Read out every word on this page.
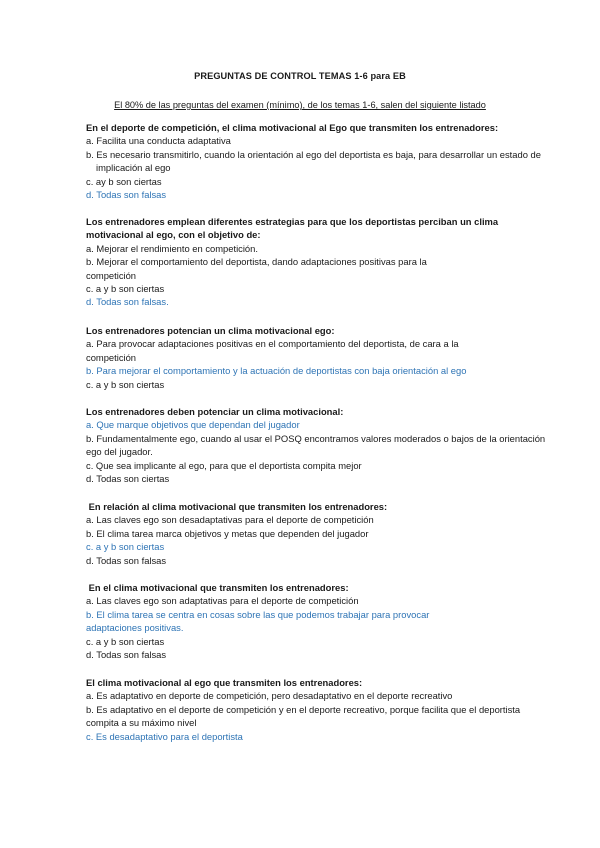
PREGUNTAS DE CONTROL TEMAS 1-6 para EB
El 80% de las preguntas del examen (mínimo), de los temas 1-6, salen del siguiente listado

En el deporte de competición, el clima motivacional al Ego que transmiten los entrenadores:

a. Facilita una conducta adaptativa

b. Es necesario transmitirlo, cuando la orientación al ego del deportista es baja, para desarrollar un estado de implicación al ego

c. ay b son ciertas

d. Todas son falsas

Los entrenadores emplean diferentes estrategias para que los deportistas perciban un clima motivacional al ego, con el objetivo de:

a. Mejorar el rendimiento en competición.

b. Mejorar el comportamiento del deportista, dando adaptaciones positivas para la competición

c. a y b son ciertas

d. Todas son falsas.

Los entrenadores potencian un clima motivacional ego:

a. Para provocar adaptaciones positivas en el comportamiento del deportista, de cara a la competición

b. Para mejorar el comportamiento y la actuación de deportistas con baja orientación al ego

c. a y b son ciertas

Los entrenadores deben potenciar un clima motivacional:

a. Que marque objetivos que dependan del jugador

b. Fundamentalmente ego, cuando al usar el POSQ encontramos valores moderados o bajos de la orientación ego del jugador.

c. Que sea implicante al ego, para que el deportista compita mejor

d. Todas son ciertas

En relación al clima motivacional que transmiten los entrenadores:

a. Las claves ego son desadaptativas para el deporte de competición

b. El clima tarea marca objetivos y metas que dependen del jugador

c. a y b son ciertas

d. Todas son falsas

En el clima motivacional que transmiten los entrenadores:

a. Las claves ego son adaptativas para el deporte de competición

b. El clima tarea se centra en cosas sobre las que podemos trabajar para provocar adaptaciones positivas.

c. a y b son ciertas

d. Todas son falsas

El clima motivacional al ego que transmiten los entrenadores:

a. Es adaptativo en deporte de competición, pero desadaptativo en el deporte recreativo

b. Es adaptativo en el deporte de competición y en el deporte recreativo, porque facilita que el deportista compita a su máximo nivel

c. Es desadaptativo para el deportista
